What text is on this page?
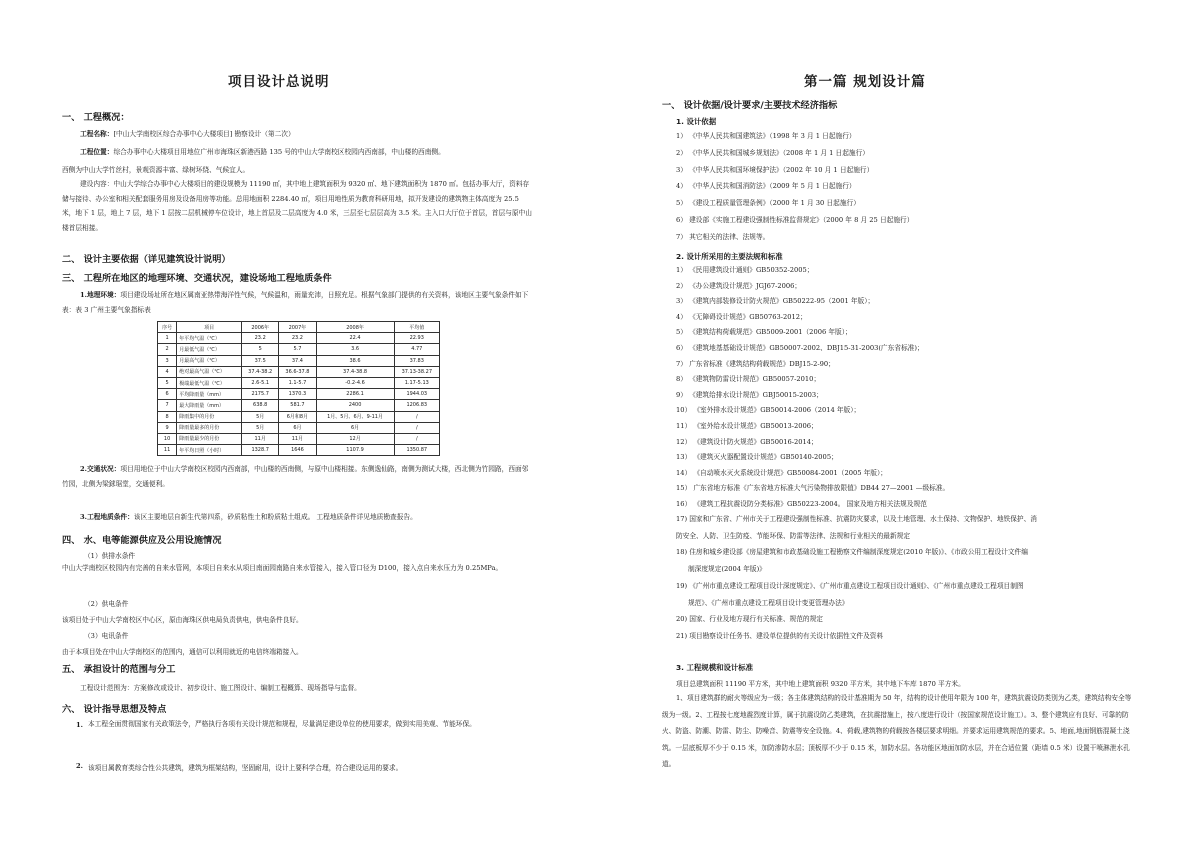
项目设计总说明
一、 工程概况：
工程名称：[中山大学南校区综合办事中心大楼项目] 勘察设计（第二次）
工程位置：综合办事中心大楼项目用地位广州市海珠区新港西路 135 号的中山大学南校区校园内西南部，中山楼的西南侧。
西侧为中山大学竹丝村，景观资源丰富、绿树环绕、气候宜人。
建设内容：中山大学综合办事中心大楼项目的建设规模为 11190 ㎡，其中地上建筑面积为 9320 ㎡、地下建筑面积为 1870 ㎡。包括办事大厅，资料存储与接待、办公室和相关配套服务用房及设备用房等功能。总用地面积 2284.40 ㎡，项目用地性质为教育科研用地，拟开发建设的建筑物主体高度为 25.5 米，地下 1 层，地上 7 层，地下 1 层按二层机械停车位设计，地上首层及二层高度为 4.0 米，三层至七层层高为 3.5 米。主入口大厅位于首层，首层与原中山楼首层相接。
二、 设计主要依据（详见建筑设计说明）
三、 工程所在地区的地理环境、交通状况，建设场地工程地质条件
1.地理环境：项目建设场址所在地区属南亚热带海洋性气候，气候温和，雨量充沛，日照充足。根据气象部门提供的有关资料，该地区主要气象条件如下表：表 3 广州主要气象指标表
序号	项目	2006年	2007年	2008年	平均值
1	年平均气温（℃）	23.2	23.2	22.4	22.93
2	月最低气温（℃）	5	5.7	3.6	4.77
3	月最高气温（℃）	37.5	37.4	38.6	37.83
4	绝对最高气温（℃）	37.4-38.2	36.6-37.8	37.4-38.8	37.13-38.27
5	极端最低气温（℃）	2.6-5.1	1.1-5.7	-0.2-4.6	1.17-5.13
6	平均降雨量（mm）	2175.7	1370.3	2286.1	1944.03
7	最大降雨量（mm）	638.8	581.7	2400	1206.83
8	降雨集中的月份	5月	6月和8月	1月、5月、6月、9-11月	/
9	降雨量最多的月份	5月	6月	6月	/
10	降雨量最少的月份	11月	11月	12月	/
11	年平均日照（小时）	1328.7	1646	1107.9	1350.87
2.交通状况：项目用地位于中山大学南校区校园内西南部，中山楼的西南侧，与原中山楼相接。东侧逸仙路，南侧为测试大楼，西北侧为竹园路，西面邻竹园，北侧为梁銶琚堂，交通便利。
3.工程地质条件：该区主要地层自新生代第四系，砂质粘性土和粉质粘土组成。 工程地质条件详见地质勘查报告。
四、 水、电等能源供应及公用设施情况
（1）供排水条件
中山大学南校区校园内有完善的自来水管网，本项目自来水从项目南面园南路自来水管接入，接入管口径为 D100，接入点自来水压力为 0.25MPa。
（2）供电条件
该项目处于中山大学南校区中心区，原由海珠区供电局负责供电，供电条件良好。
（3）电讯条件
由于本项目处在中山大学南校区的范围内，通信可以利用就近的电信终端箱接入。
五、 承担设计的范围与分工
工程设计范围为：方案修改或设计、初步设计、施工图设计、编制工程概算、现场指导与监督。
六、 设计指导思想及特点
1. 本工程全面贯彻国家有关政策法令，严格执行各项有关设计规范和规程，尽量满足建设单位的使用要求，做到实用美观、节能环保。
2. 该项目属教育类综合性公共建筑，建筑为框架结构，坚固耐用，设计上要科学合理，符合建设运用的要求。
第一篇 规划设计篇
一、 设计依据/设计要求/主要技术经济指标
1. 设计依据
1） 《中华人民共和国建筑法》（1998 年 3 月 1 日起施行）
2） 《中华人民共和国城乡规划法》（2008 年 1 月 1 日起施行）
3） 《中华人民共和国环境保护法》（2002 年 10 月 1 日起施行）
4） 《中华人民共和国消防法》（2009 年 5 月 1 日起施行）
5） 《建设工程质量管理条例》（2000 年 1 月 30 日起施行）
6） 建设部《实施工程建设强制性标准监督规定》（2000 年 8 月 25 日起施行）
7） 其它相关的法律、法规等。
2. 设计所采用的主要法规和标准
1） 《民用建筑设计通则》GB50352-2005；
2） 《办公建筑设计规范》JGJ67-2006；
3） 《建筑内部装修设计防火规范》GB50222-95（2001 年版）；
4） 《无障碍设计规范》GB50763-2012；
5） 《建筑结构荷载规范》GB5009-2001（2006 年版）；
6） 《建筑地基基础设计规范》GB50007-2002、DBJ15-31-2003(广东省标准)；
7） 广东省标准《建筑结构荷载规范》DBJ15-2-90；
8） 《建筑物防雷设计规范》GB50057-2010；
9） 《建筑给排水设计规范》GBJ50015-2003；
10） 《室外排水设计规范》GB50014-2006（2014 年版）；
11） 《室外给水设计规范》GB50013-2006；
12） 《建筑设计防火规范》GB50016-2014；
13） 《建筑灭火器配置设计规范》GB50140-2005；
14） 《自动喷水灭火系统设计规范》GB50084-2001（2005 年版）；
15） 广东省地方标准《广东省地方标准大气污染物排放限值》DB44 27—2001 —级标准。
16） 《建筑工程抗震设防分类标准》GB50223-2004。 国家及地方相关法规及规范
17) 国家和广东省、广州市关于工程建设强制性标准、抗震防灾要求，以及土地管理、水土保持、文物保护、地铁保护、消
防安全、人防、卫生防疫、节能环保、防雷等法律、法规和行业相关的最新规定
18) 住房和城乡建设部《房屋建筑和市政基础设施工程勘察文件编制深度规定(2010 年版)》、《市政公用工程设计文件编
制深度规定(2004 年版)》
19) 《广州市重点建设工程项目设计深度规定》、《广州市重点建设工程项目设计通则》、《广州市重点建设工程项目制图
规范》、《广州市重点建设工程项目设计变更管理办法》
20) 国家、行业及地方现行有关标准、规范的规定
21) 项目勘察设计任务书、建设单位提供的有关设计依据性文件及资料
3. 工程规模和设计标准
项目总建筑面积 11190 平方米，其中地上建筑面积 9320 平方米，其中地下车库 1870 平方米。
1、项目建筑群的耐火等级应为一级；各主体建筑结构的设计基准期为 50 年，结构的设计使用年限为 100 年，建筑抗震设防类别为乙类，建筑结构安全等级为一级。2、工程按七度地震烈度计算，属于抗震设防乙类建筑，在抗震措施上，按八度进行设计（按国家规范设计施工）。3、整个建筑应有良好、可靠的防火、防盗、防潮、防雷、防尘、防噪音、防震等安全设施。4、荷载,建筑物的荷载按各楼层要求明细。并要求运用建筑规范的要求。5、地面,地面钢筋混凝土浇筑。一层底板厚不少于 0.15 米，加防渗防水层；顶板厚不少于 0.15 米，加防水层。各功能区地面加防水层，并在合适位置（距墙 0.5 米）设置干喷淋泄水孔道。
